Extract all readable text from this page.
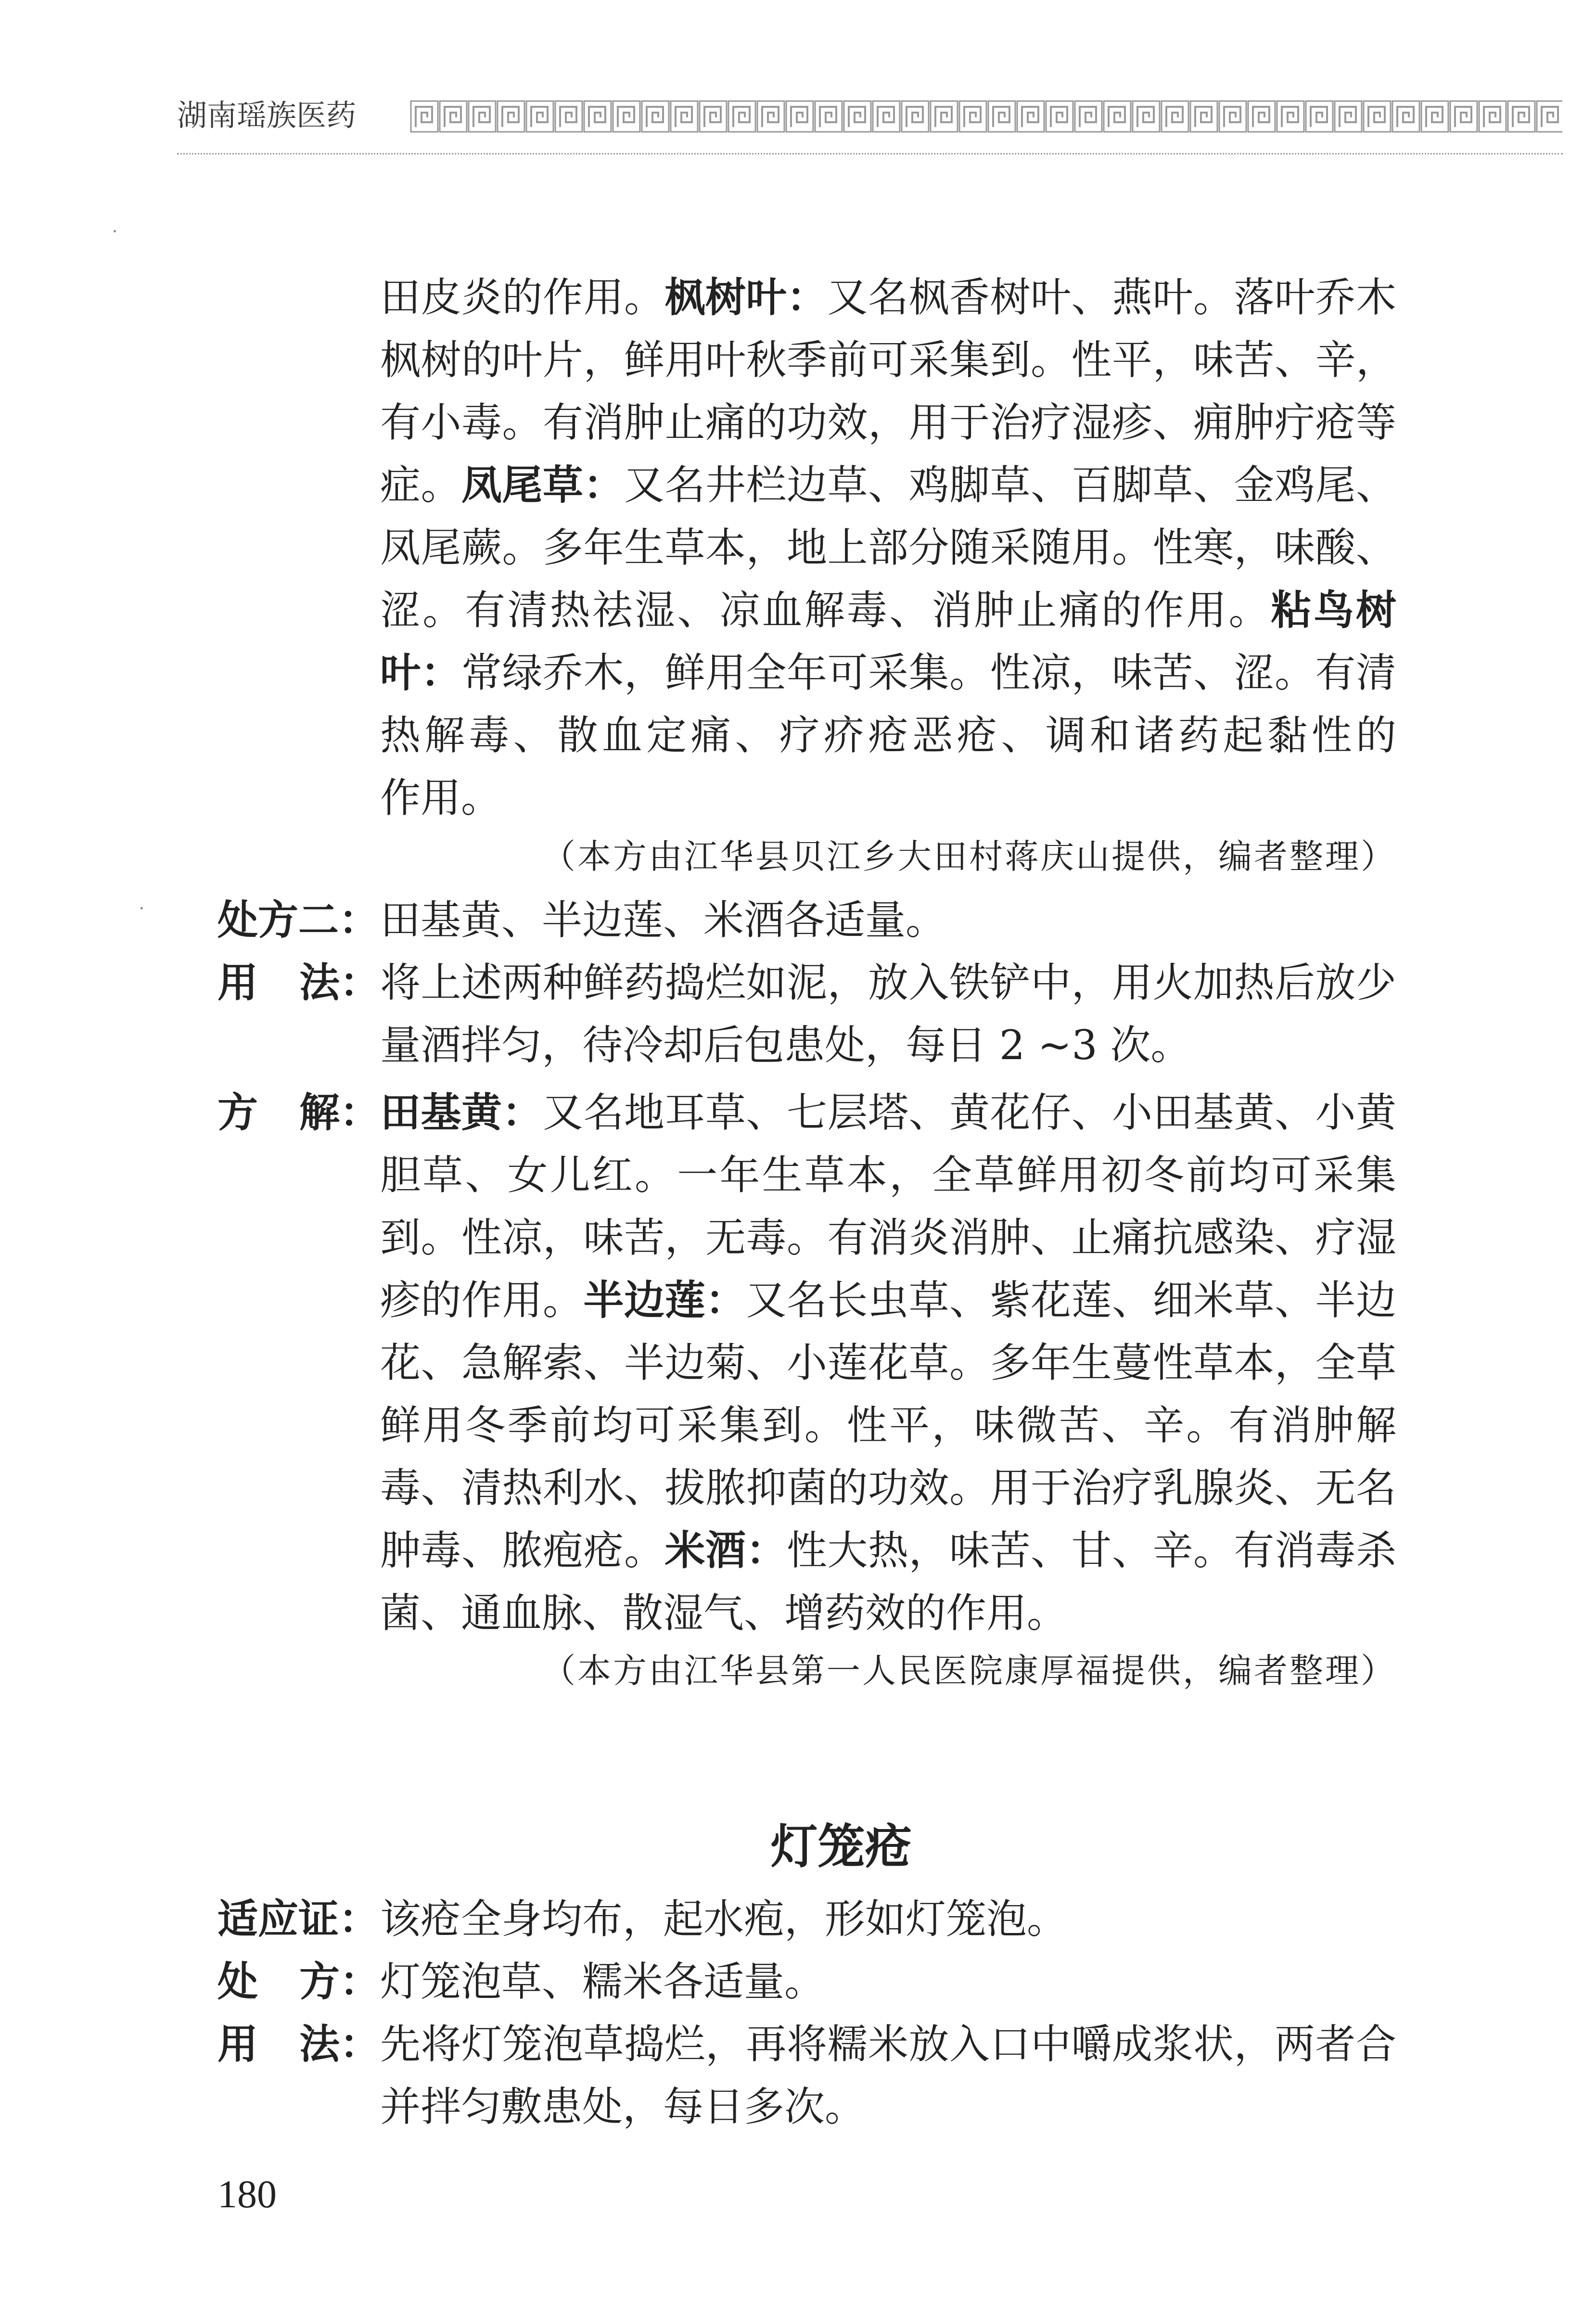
湖南瑶族医药
田皮炎的作用。枫树叶：又名枫香树叶、燕叶。落叶乔木
枫树的叶片，鲜用叶秋季前可采集到。性平，味苦、辛，
有小毒。有消肿止痛的功效，用于治疗湿疹、痈肿疔疮等
症。凤尾草：又名井栏边草、鸡脚草、百脚草、金鸡尾、
凤尾蕨。多年生草本，地上部分随采随用。性寒，味酸、
涩。有清热祛湿、凉血解毒、消肿止痛的作用。粘鸟树
叶：常绿乔木，鲜用全年可采集。性凉，味苦、涩。有清
热解毒、散血定痛、疗疥疮恶疮、调和诸药起黏性的
作用。
（本方由江华县贝江乡大田村蒋庆山提供，编者整理）
处方二： 田基黄、半边莲、米酒各适量。
用 法： 将上述两种鲜药捣烂如泥，放入铁铲中，用火加热后放少
量酒拌匀，待冷却后包患处，每日 2 ~3 次。
方 解： 田基黄：又名地耳草、七层塔、黄花仔、小田基黄、小黄
胆草、女儿红。一年生草本，全草鲜用初冬前均可采集
到。性凉，味苦，无毒。有消炎消肿、止痛抗感染、疗湿
疹的作用。半边莲：又名长虫草、紫花莲、细米草、半边
花、急解索、半边菊、小莲花草。多年生蔓性草本，全草
鲜用冬季前均可采集到。性平，味微苦、辛。有消肿解
毒、清热利水、拔脓抑菌的功效。用于治疗乳腺炎、无名
肿毒、脓疱疮。米酒：性大热，味苦、甘、辛。有消毒杀
菌、通血脉、散湿气、增药效的作用。
（本方由江华县第一人民医院康厚福提供，编者整理）
灯笼疮
适应证： 该疮全身均布，起水疱，形如灯笼泡。
处 方： 灯笼泡草、糯米各适量。
用 法： 先将灯笼泡草捣烂，再将糯米放入口中嚼成浆状，两者合
并拌匀敷患处，每日多次。
180
